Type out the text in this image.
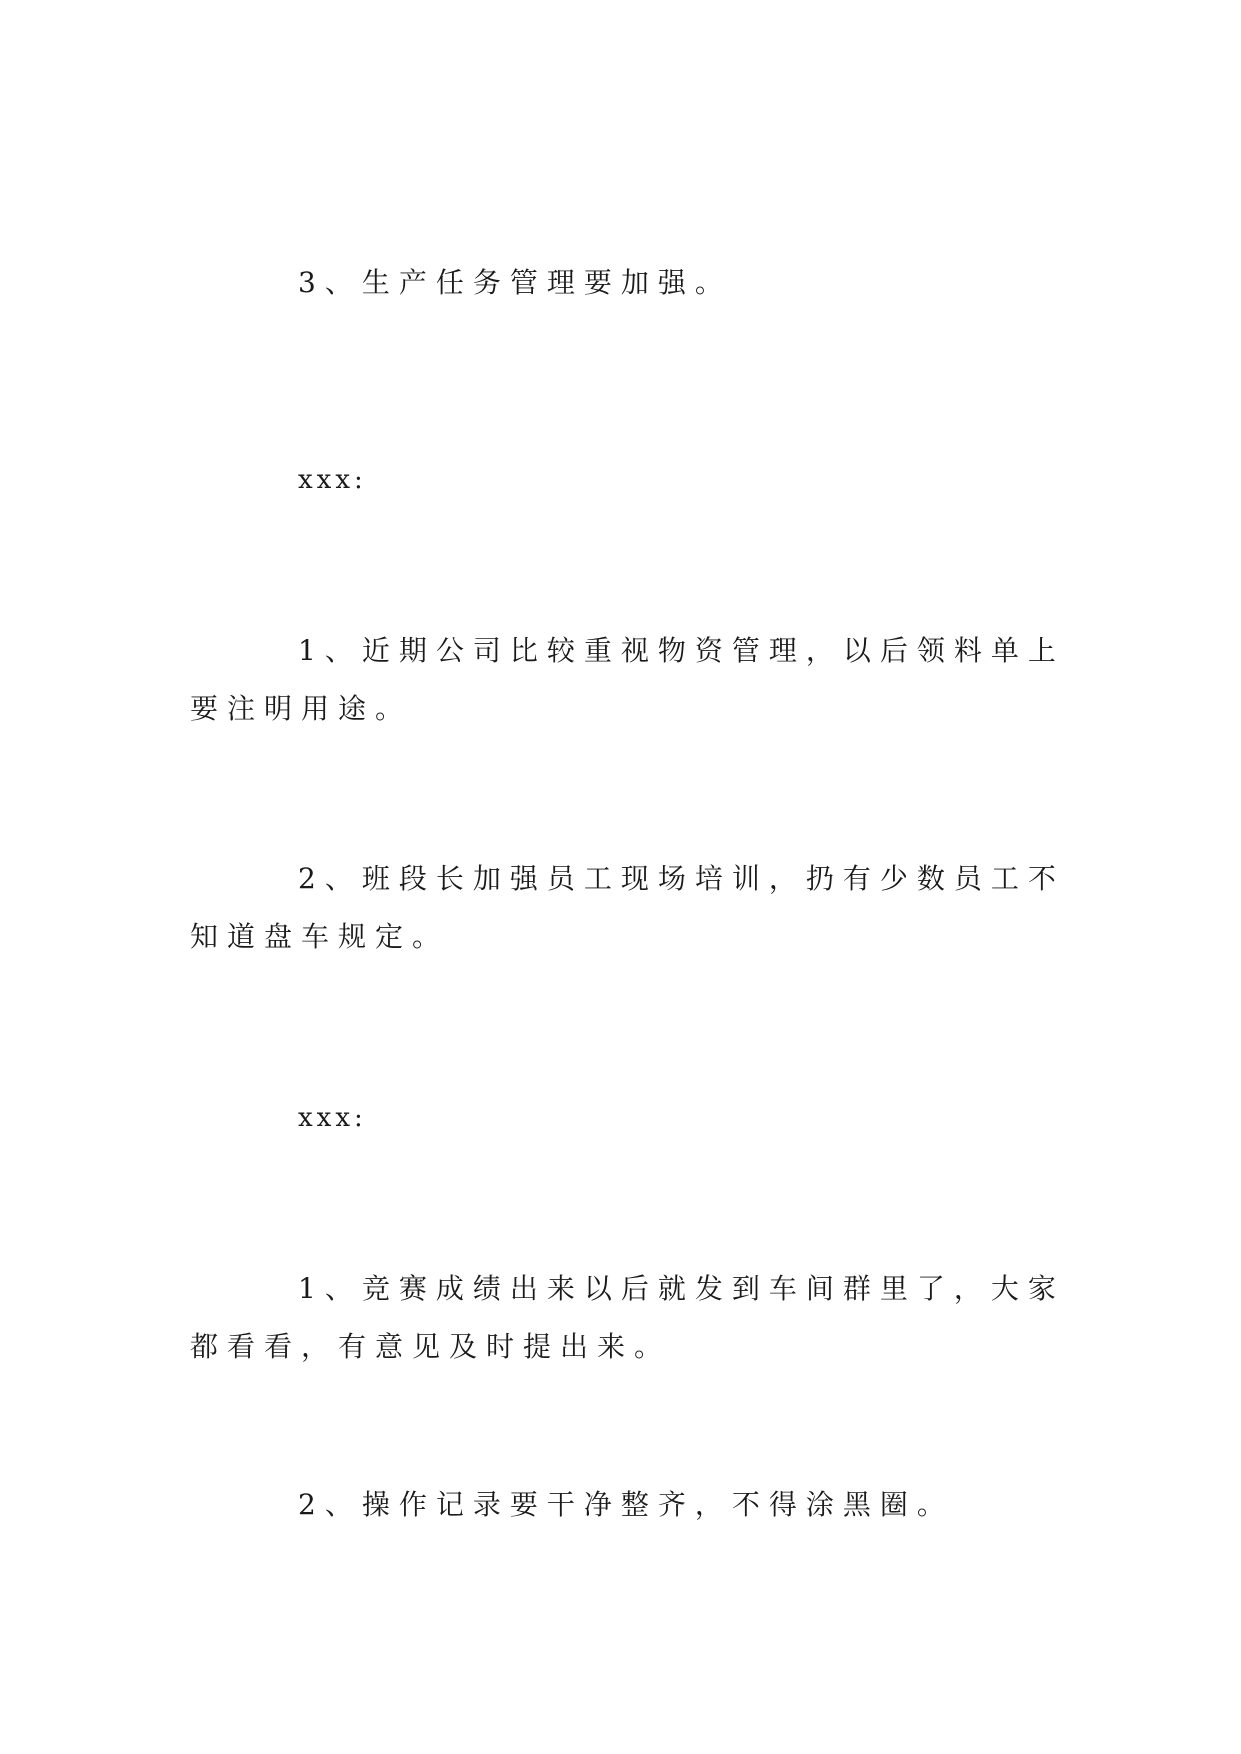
3、生产任务管理要加强。

xxx:

1、近期公司比较重视物资管理，以后领料单上要注明用途。

2、班段长加强员工现场培训，扔有少数员工不知道盘车规定。

xxx:

1、竞赛成绩出来以后就发到车间群里了，大家都看看，有意见及时提出来。

2、操作记录要干净整齐，不得涂黑圈。
